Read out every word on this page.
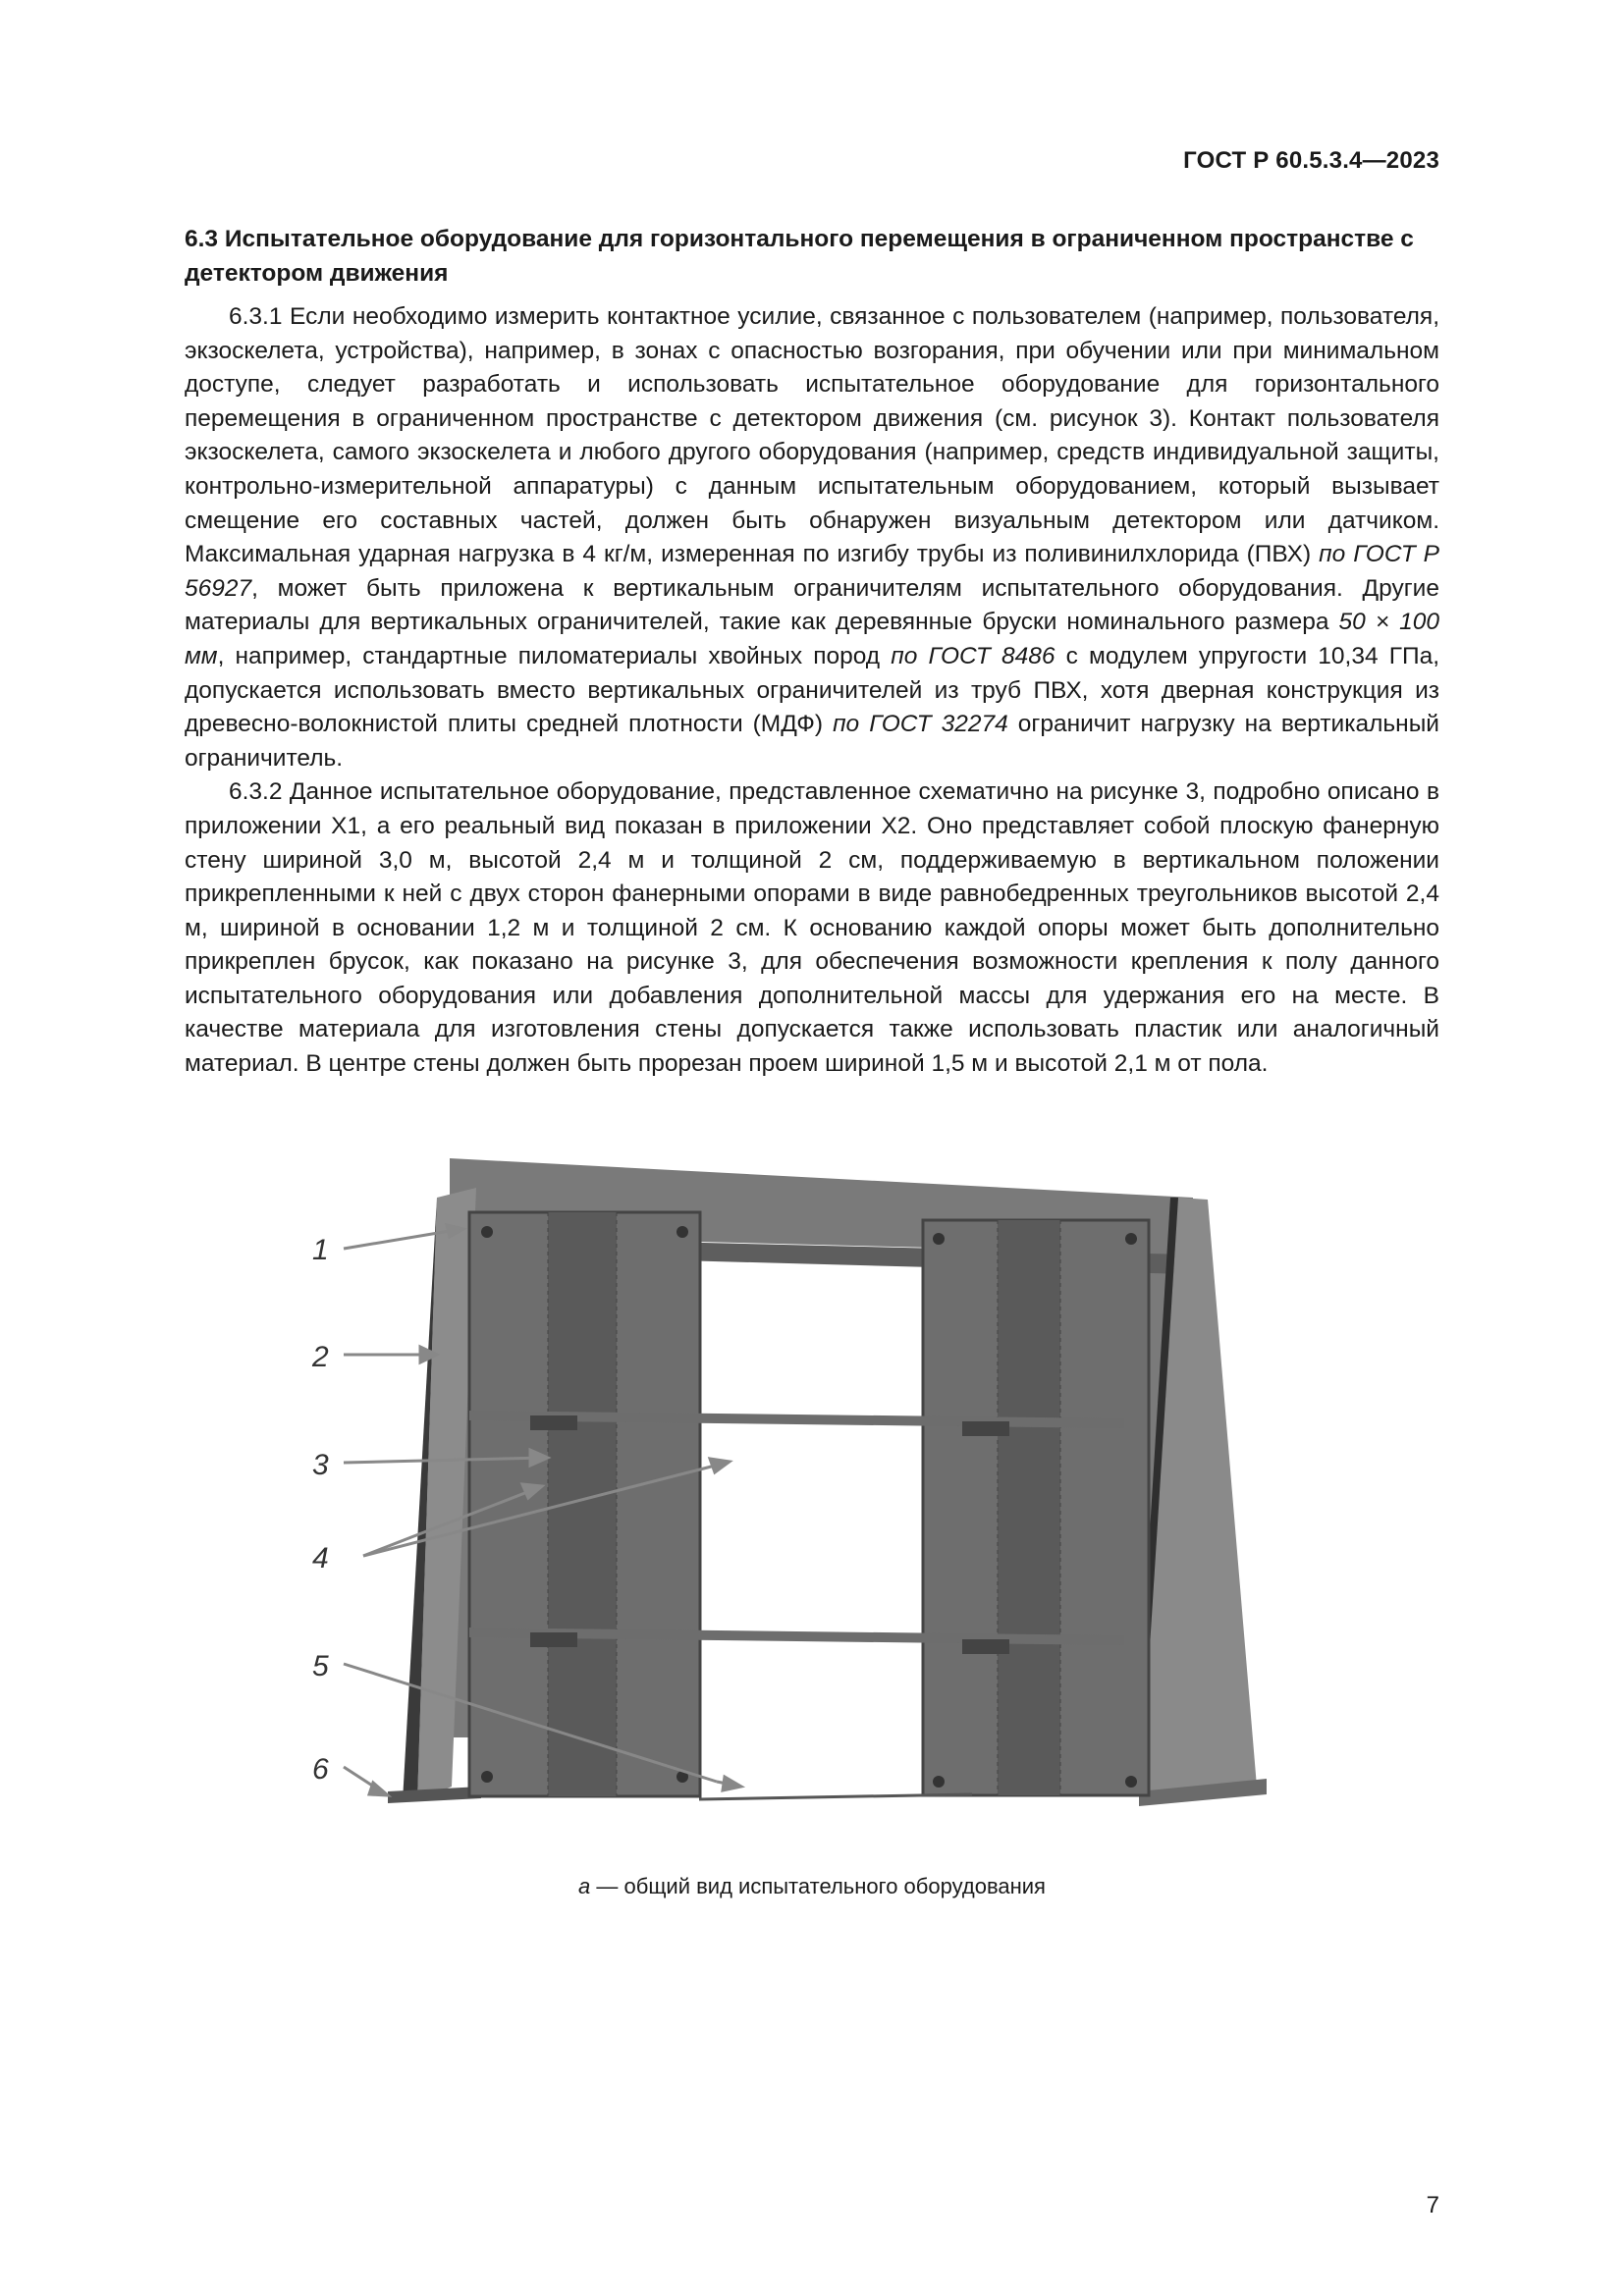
ГОСТ Р 60.5.3.4—2023
6.3 Испытательное оборудование для горизонтального перемещения в ограниченном пространстве с детектором движения

6.3.1 Если необходимо измерить контактное усилие, связанное с пользователем (например, пользователя, экзоскелета, устройства), например, в зонах с опасностью возгорания, при обучении или при минимальном доступе, следует разработать и использовать испытательное оборудование для горизонтального перемещения в ограниченном пространстве с детектором движения (см. рисунок 3). Контакт пользователя экзоскелета, самого экзоскелета и любого другого оборудования (например, средств индивидуальной защиты, контрольно-измерительной аппаратуры) с данным испытательным оборудованием, который вызывает смещение его составных частей, должен быть обнаружен визуальным детектором или датчиком. Максимальная ударная нагрузка в 4 кг/м, измеренная по изгибу трубы из поливинилхлорида (ПВХ) по ГОСТ Р 56927, может быть приложена к вертикальным ограничителям испытательного оборудования. Другие материалы для вертикальных ограничителей, такие как деревянные бруски номинального размера 50 × 100 мм, например, стандартные пиломатериалы хвойных пород по ГОСТ 8486 с модулем упругости 10,34 ГПа, допускается использовать вместо вертикальных ограничителей из труб ПВХ, хотя дверная конструкция из древесно-волокнистой плиты средней плотности (МДФ) по ГОСТ 32274 ограничит нагрузку на вертикальный ограничитель.

6.3.2 Данное испытательное оборудование, представленное схематично на рисунке 3, подробно описано в приложении X1, а его реальный вид показан в приложении X2. Оно представляет собой плоскую фанерную стену шириной 3,0 м, высотой 2,4 м и толщиной 2 см, поддерживаемую в вертикальном положении прикрепленными к ней с двух сторон фанерными опорами в виде равнобедренных треугольников высотой 2,4 м, шириной в основании 1,2 м и толщиной 2 см. К основанию каждой опоры может быть дополнительно прикреплен брусок, как показано на рисунке 3, для обеспечения возможности крепления к полу данного испытательного оборудования или добавления дополнительной массы для удержания его на месте. В качестве материала для изготовления стены допускается также использовать пластик или аналогичный материал. В центре стены должен быть прорезан проем шириной 1,5 м и высотой 2,1 м от пола.

1
2
3
4
5
6
а — общий вид испытательного оборудования
7
